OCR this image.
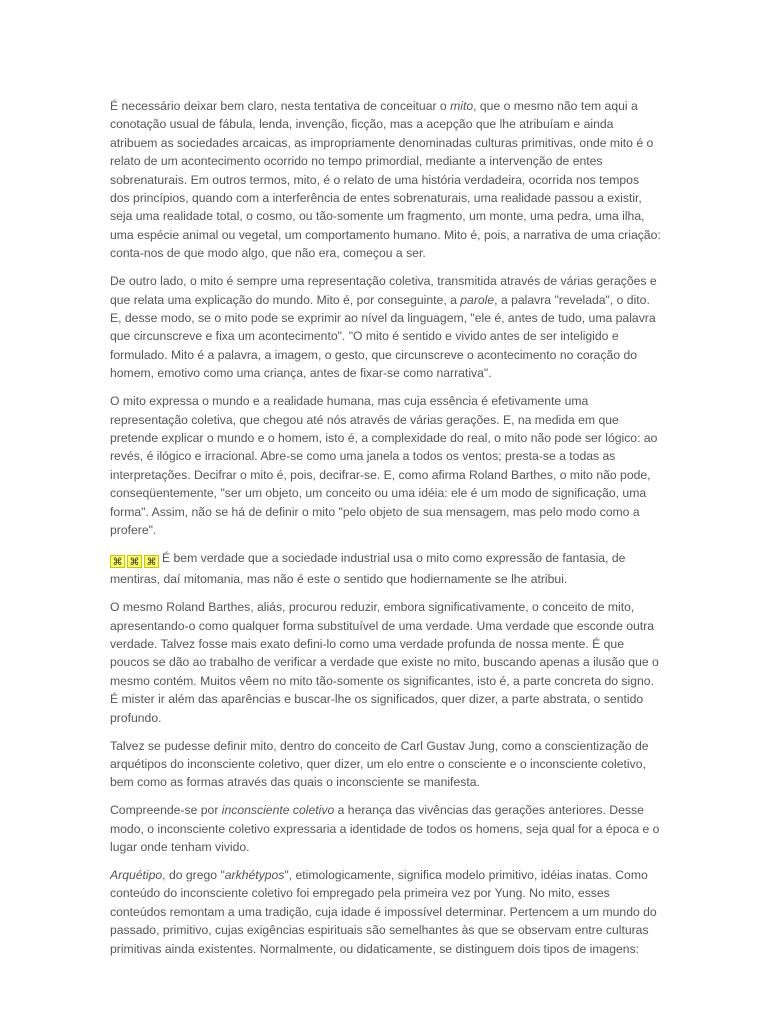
É necessário deixar bem claro, nesta tentativa de conceituar o mito, que o mesmo não tem aqui a conotação usual de fábula, lenda, invenção, ficção, mas a acepção que lhe atribuíam e ainda atribuem as sociedades arcaicas, as impropriamente denominadas culturas primitivas, onde mito é o relato de um acontecimento ocorrido no tempo primordial, mediante a intervenção de entes sobrenaturais. Em outros termos, mito, é o relato de uma história verdadeira, ocorrida nos tempos dos princípios, quando com a interferência de entes sobrenaturais, uma realidade passou a existir, seja uma realidade total, o cosmo, ou tão-somente um fragmento, um monte, uma pedra, uma ilha, uma espécie animal ou vegetal, um comportamento humano. Mito é, pois, a narrativa de uma criação: conta-nos de que modo algo, que não era, começou a ser.

De outro lado, o mito é sempre uma representação coletiva, transmitida através de várias gerações e que relata uma explicação do mundo. Mito é, por conseguinte, a parole, a palavra "revelada", o dito. E, desse modo, se o mito pode se exprimir ao nível da linguagem, "ele é, antes de tudo, uma palavra que circunscreve e fixa um acontecimento". "O mito é sentido e vivido antes de ser inteligido e formulado. Mito é a palavra, a imagem, o gesto, que circunscreve o acontecimento no coração do homem, emotivo como uma criança, antes de fixar-se como narrativa".

O mito expressa o mundo e a realidade humana, mas cuja essência é efetivamente uma representação coletiva, que chegou até nós através de várias gerações. E, na medida em que pretende explicar o mundo e o homem, isto é, a complexidade do real, o mito não pode ser lógico: ao revés, é ilógico e irracional. Abre-se como uma janela a todos os ventos; presta-se a todas as interpretações. Decifrar o mito é, pois, decifrar-se. E, como afirma Roland Barthes, o mito não pode, conseqüentemente, "ser um objeto, um conceito ou uma idéia: ele é um modo de significação, uma forma". Assim, não se há de definir o mito "pelo objeto de sua mensagem, mas pelo modo como a profere".

⌘ ⌘ ⌘ É bem verdade que a sociedade industrial usa o mito como expressão de fantasia, de mentiras, daí mitomania, mas não é este o sentido que hodiernamente se lhe atribui.

O mesmo Roland Barthes, aliás, procurou reduzir, embora significativamente, o conceito de mito, apresentando-o como qualquer forma substituível de uma verdade. Uma verdade que esconde outra verdade. Talvez fosse mais exato defini-lo como uma verdade profunda de nossa mente. É que poucos se dão ao trabalho de verificar a verdade que existe no mito, buscando apenas a ilusão que o mesmo contém. Muitos vêem no mito tão-somente os significantes, isto é, a parte concreta do signo. É mister ir além das aparências e buscar-lhe os significados, quer dizer, a parte abstrata, o sentido profundo.

Talvez se pudesse definir mito, dentro do conceito de Carl Gustav Jung, como a conscientização de arquétipos do inconsciente coletivo, quer dizer, um elo entre o consciente e o inconsciente coletivo, bem como as formas através das quais o inconsciente se manifesta.

Compreende-se por inconsciente coletivo a herança das vivências das gerações anteriores. Desse modo, o inconsciente coletivo expressaria a identidade de todos os homens, seja qual for a época e o lugar onde tenham vivido.

Arquétipo, do grego "arkhétypos", etimologicamente, significa modelo primitivo, idéias inatas. Como conteúdo do inconsciente coletivo foi empregado pela primeira vez por Yung. No mito, esses conteúdos remontam a uma tradição, cuja idade é impossível determinar. Pertencem a um mundo do passado, primitivo, cujas exigências espirituais são semelhantes às que se observam entre culturas primitivas ainda existentes. Normalmente, ou didaticamente, se distinguem dois tipos de imagens:
